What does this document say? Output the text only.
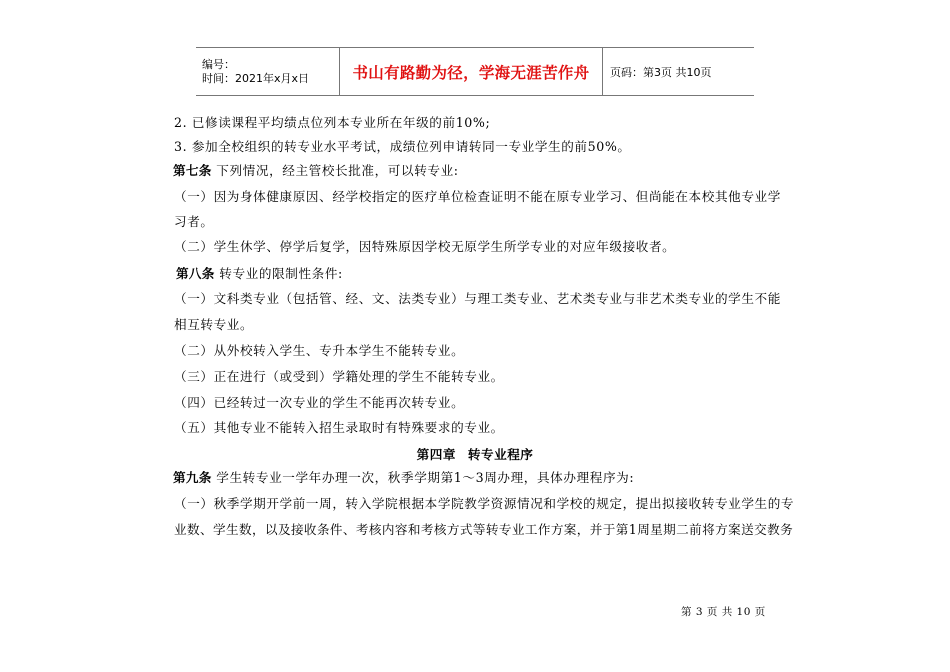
编号：
时间：2021年x月x日	书山有路勤为径，学海无涯苦作舟 页码：第3页 共10页
2. 已修读课程平均绩点位列本专业所在年级的前10%;
3. 参加全校组织的转专业水平考试，成绩位列申请转同一专业学生的前50%。
第七条 下列情况，经主管校长批准，可以转专业:
（一）因为身体健康原因、经学校指定的医疗单位检查证明不能在原专业学习、但尚能在本校其他专业学
习者。
（二）学生休学、停学后复学，因特殊原因学校无原学生所学专业的对应年级接收者。
第八条 转专业的限制性条件:
（一）文科类专业（包括管、经、文、法类专业）与理工类专业、艺术类专业与非艺术类专业的学生不能
相互转专业。
（二）从外校转入学生、专升本学生不能转专业。
（三）正在进行（或受到）学籍处理的学生不能转专业。
（四）已经转过一次专业的学生不能再次转专业。
（五）其他专业不能转入招生录取时有特殊要求的专业。
第四章 转专业程序
第九条 学生转专业一学年办理一次，秋季学期第1～3周办理，具体办理程序为:
（一）秋季学期开学前一周，转入学院根据本学院教学资源情况和学校的规定，提出拟接收转专业学生的专
业数、学生数，以及接收条件、考核内容和考核方式等转专业工作方案，并于第1周星期二前将方案送交教务
第 3 页 共 10 页
